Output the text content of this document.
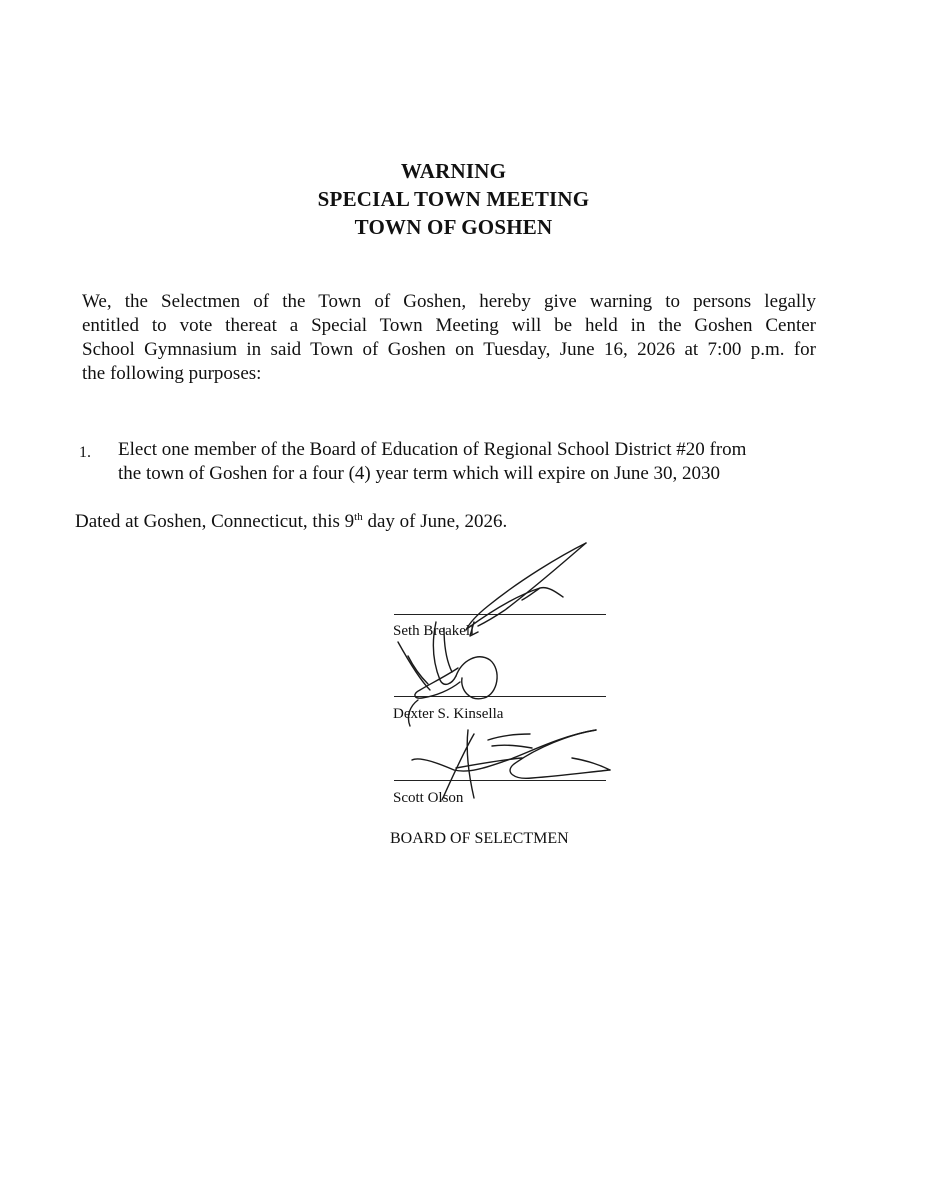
WARNING
SPECIAL TOWN MEETING
TOWN OF GOSHEN
We, the Selectmen of the Town of Goshen, hereby give warning to persons legally
entitled to vote thereat a Special Town Meeting will be held in the Goshen Center
School Gymnasium in said Town of Goshen on Tuesday, June 16, 2026 at 7:00 p.m. for
the following purposes:
1. Elect one member of the Board of Education of Regional School District #20 from
the town of Goshen for a four (4) year term which will expire on June 30, 2030
Dated at Goshen, Connecticut, this 9th day of June, 2026.
Seth Breakell
Dexter S. Kinsella
Scott Olson
BOARD OF SELECTMEN
